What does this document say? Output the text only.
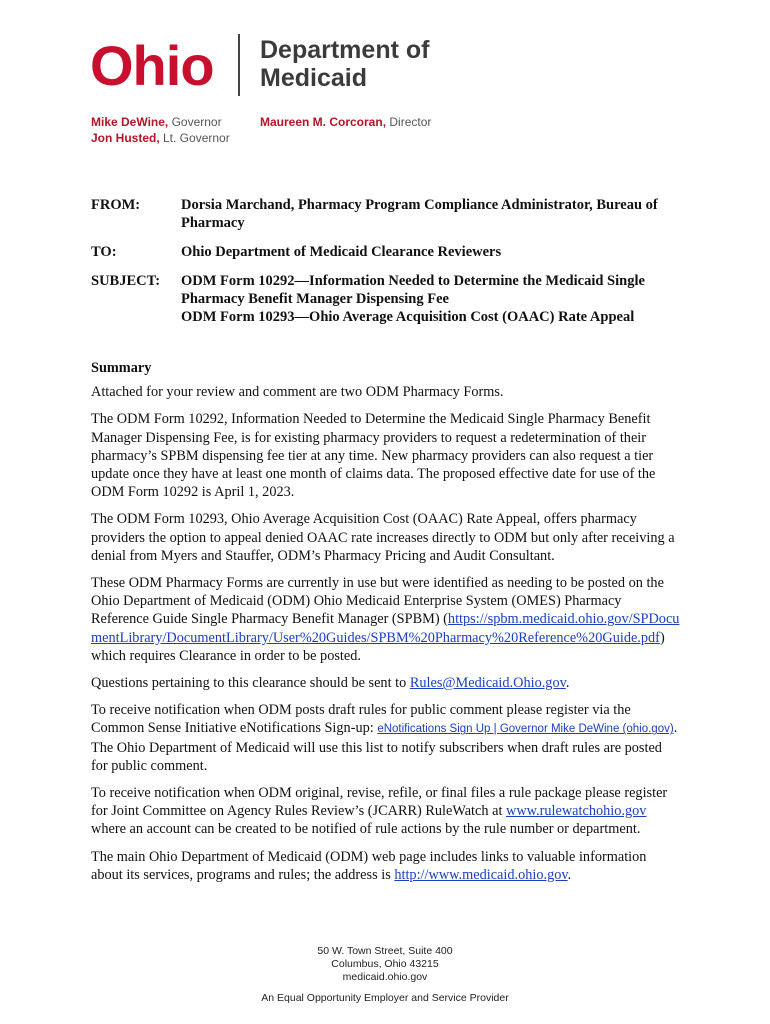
Ohio Department of
Medicaid
Mike DeWine, Governor
Jon Husted, Lt. Governor
Maureen M. Corcoran, Director
FROM:	Dorsia Marchand, Pharmacy Program Compliance Administrator, Bureau of Pharmacy
TO:	Ohio Department of Medicaid Clearance Reviewers
SUBJECT: ODM Form 10292—Information Needed to Determine the Medicaid Single Pharmacy Benefit Manager Dispensing Fee
ODM Form 10293—Ohio Average Acquisition Cost (OAAC) Rate Appeal

Summary

Attached for your review and comment are two ODM Pharmacy Forms.

The ODM Form 10292, Information Needed to Determine the Medicaid Single Pharmacy Benefit Manager Dispensing Fee, is for existing pharmacy providers to request a redetermination of their pharmacy’s SPBM dispensing fee tier at any time. New pharmacy providers can also request a tier update once they have at least one month of claims data. The proposed effective date for use of the ODM Form 10292 is April 1, 2023.

The ODM Form 10293, Ohio Average Acquisition Cost (OAAC) Rate Appeal, offers pharmacy providers the option to appeal denied OAAC rate increases directly to ODM but only after receiving a denial from Myers and Stauffer, ODM’s Pharmacy Pricing and Audit Consultant.

These ODM Pharmacy Forms are currently in use but were identified as needing to be posted on the Ohio Department of Medicaid (ODM) Ohio Medicaid Enterprise System (OMES) Pharmacy Reference Guide Single Pharmacy Benefit Manager (SPBM) (https://spbm.medicaid.ohio.gov/SPDocumentLibrary/DocumentLibrary/User%20Guides/SPBM%20Pharmacy%20Reference%20Guide.pdf) which requires Clearance in order to be posted.

Questions pertaining to this clearance should be sent to Rules@Medicaid.Ohio.gov.

To receive notification when ODM posts draft rules for public comment please register via the Common Sense Initiative eNotifications Sign-up: eNotifications Sign Up | Governor Mike DeWine (ohio.gov). The Ohio Department of Medicaid will use this list to notify subscribers when draft rules are posted for public comment.

To receive notification when ODM original, revise, refile, or final files a rule package please register for Joint Committee on Agency Rules Review’s (JCARR) RuleWatch at www.rulewatchohio.gov where an account can be created to be notified of rule actions by the rule number or department.

The main Ohio Department of Medicaid (ODM) web page includes links to valuable information about its services, programs and rules; the address is http://www.medicaid.ohio.gov.

50 W. Town Street, Suite 400
Columbus, Ohio 43215
medicaid.ohio.gov
An Equal Opportunity Employer and Service Provider
